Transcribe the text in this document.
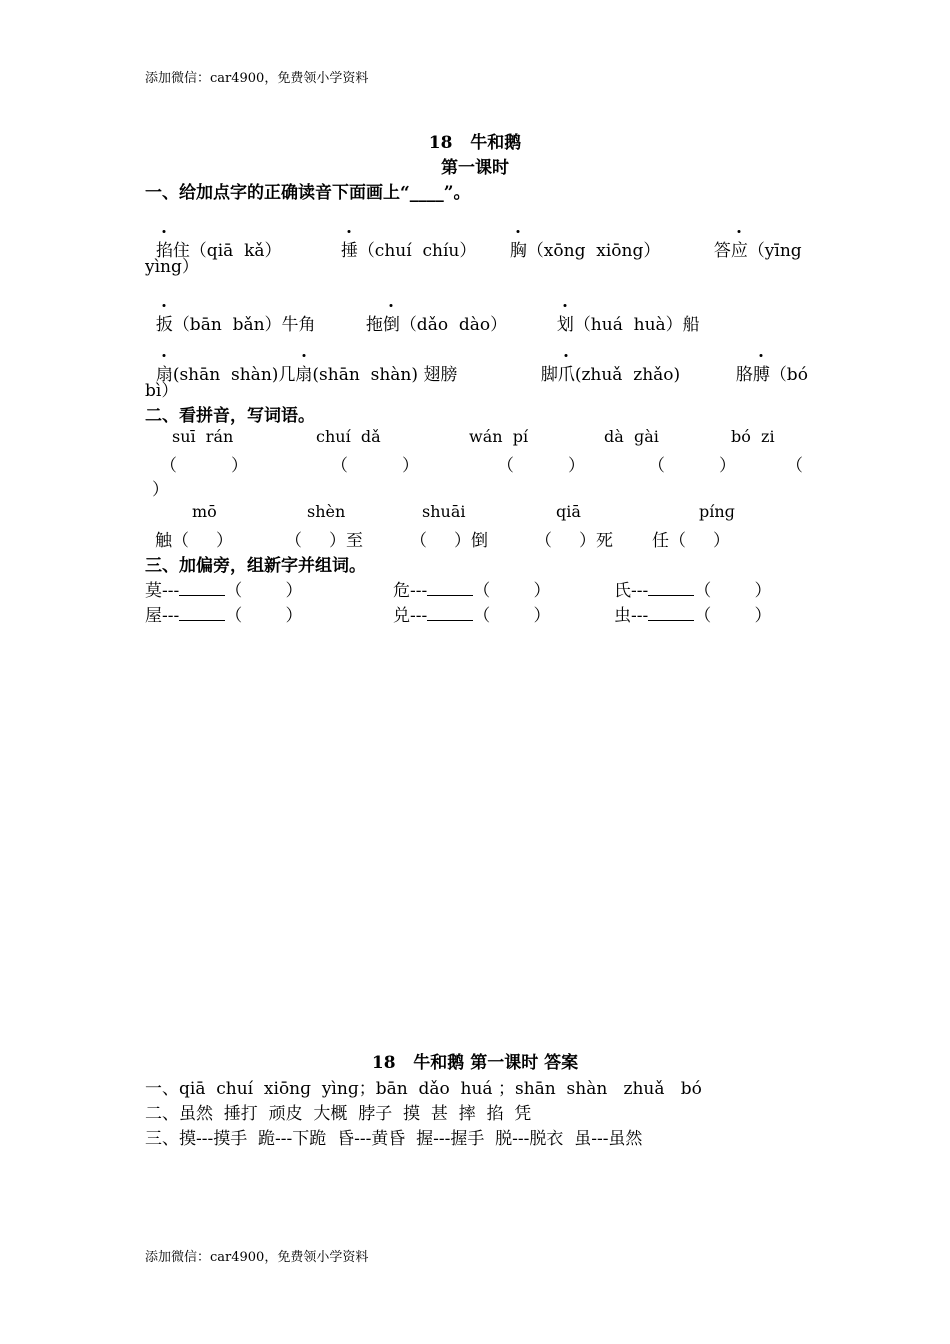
添加微信：car4900，免费领小学资料
18   牛和鹅
第一课时
一、给加点字的正确读音下面画上“____”。

掐住（qiā  kǎ）	捶（chuí  chíu）	胸（xōng  xiōng）	答应（yīng

yìng）

扳（bān  bǎn）牛角	拖倒（dǎo  dào）	划（huá  huà）船

扇(shān  shàn)几扇(shān  shàn) 翅膀	脚爪(zhuǎ  zhǎo)	胳膊（bó

bì）
二、看拼音，写词语。
suī  rán	chuí  dǎ	wán  pí	dà  ɡài	bó  zi
（          ）	（          ）	（          ）	（          ）	（
）
mō	shèn	shuāi	qiā	pínɡ
触（     ）	（     ）至	（     ）倒	（     ）死 任（     ）
三、加偏旁，组新字并组词。
莫---	（        ）	危---	（        ）	氏---	（        ）
屋---	（        ）	兑---	（        ）	虫---	（        ）
18   牛和鹅 第一课时 答案
一、qiā  chuí  xiōnɡ  yìnɡ；bān  dǎo  huá ；shān  shàn   zhuǎ   bó
二、虽然  捶打  顽皮  大概  脖子  摸  甚  摔  掐  凭
三、摸---摸手  跪---下跪  昏---黄昏  握---握手  脱---脱衣  虽---虽然
添加微信：car4900，免费领小学资料
